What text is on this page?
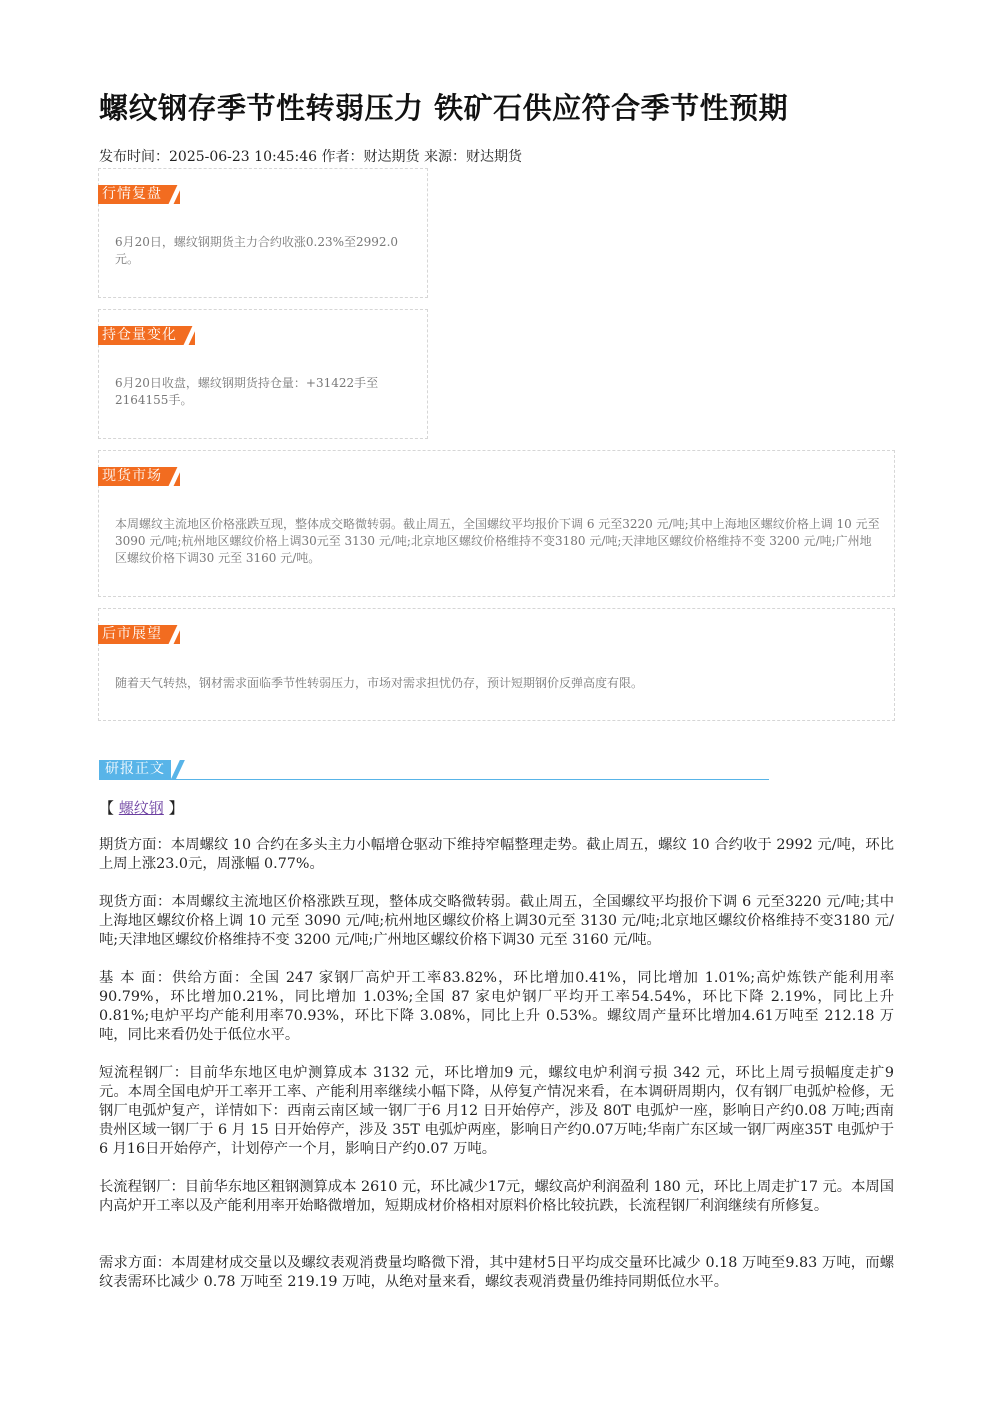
螺纹钢存季节性转弱压力 铁矿石供应符合季节性预期
发布时间：2025-06-23 10:45:46 作者：财达期货 来源：财达期货
行情复盘
6月20日，螺纹钢期货主力合约收涨0.23%至2992.0元。
持仓量变化
6月20日收盘，螺纹钢期货持仓量：+31422手至2164155手。
现货市场
本周螺纹主流地区价格涨跌互现，整体成交略微转弱。截止周五，全国螺纹平均报价下调 6 元至3220 元/吨;其中上海地区螺纹价格上调 10 元至 3090 元/吨;杭州地区螺纹价格上调30元至 3130 元/吨;北京地区螺纹价格维持不变3180 元/吨;天津地区螺纹价格维持不变 3200 元/吨;广州地区螺纹价格下调30 元至 3160 元/吨。
后市展望
随着天气转热，钢材需求面临季节性转弱压力，市场对需求担忧仍存，预计短期钢价反弹高度有限。
研报正文
【 螺纹钢 】
期货方面：本周螺纹 10 合约在多头主力小幅增仓驱动下维持窄幅整理走势。截止周五，螺纹 10 合约收于 2992 元/吨，环比上周上涨23.0元，周涨幅 0.77%。
现货方面：本周螺纹主流地区价格涨跌互现，整体成交略微转弱。截止周五，全国螺纹平均报价下调 6 元至3220 元/吨;其中上海地区螺纹价格上调 10 元至 3090 元/吨;杭州地区螺纹价格上调30元至 3130 元/吨;北京地区螺纹价格维持不变3180 元/吨;天津地区螺纹价格维持不变 3200 元/吨;广州地区螺纹价格下调30 元至 3160 元/吨。
基 本 面：供给方面：全国 247 家钢厂高炉开工率83.82%，环比增加0.41%，同比增加 1.01%;高炉炼铁产能利用率90.79%，环比增加0.21%，同比增加 1.03%;全国 87 家电炉钢厂平均开工率54.54%，环比下降 2.19%，同比上升 0.81%;电炉平均产能利用率70.93%，环比下降 3.08%，同比上升 0.53%。螺纹周产量环比增加4.61万吨至 212.18 万吨，同比来看仍处于低位水平。
短流程钢厂：目前华东地区电炉测算成本 3132 元，环比增加9 元，螺纹电炉利润亏损 342 元，环比上周亏损幅度走扩9 元。本周全国电炉开工率开工率、产能利用率继续小幅下降，从停复产情况来看，在本调研周期内，仅有钢厂电弧炉检修，无钢厂电弧炉复产，详情如下：西南云南区域一钢厂于6 月12 日开始停产，涉及 80T 电弧炉一座，影响日产约0.08 万吨;西南贵州区域一钢厂于 6 月 15 日开始停产，涉及 35T 电弧炉两座，影响日产约0.07万吨;华南广东区域一钢厂两座35T 电弧炉于6 月16日开始停产，计划停产一个月，影响日产约0.07 万吨。
长流程钢厂：目前华东地区粗钢测算成本 2610 元，环比减少17元，螺纹高炉利润盈利 180 元，环比上周走扩17 元。本周国内高炉开工率以及产能利用率开始略微增加，短期成材价格相对原料价格比较抗跌，长流程钢厂利润继续有所修复。
需求方面：本周建材成交量以及螺纹表观消费量均略微下滑，其中建材5日平均成交量环比减少 0.18 万吨至9.83 万吨，而螺纹表需环比减少 0.78 万吨至 219.19 万吨，从绝对量来看，螺纹表观消费量仍维持同期低位水平。
